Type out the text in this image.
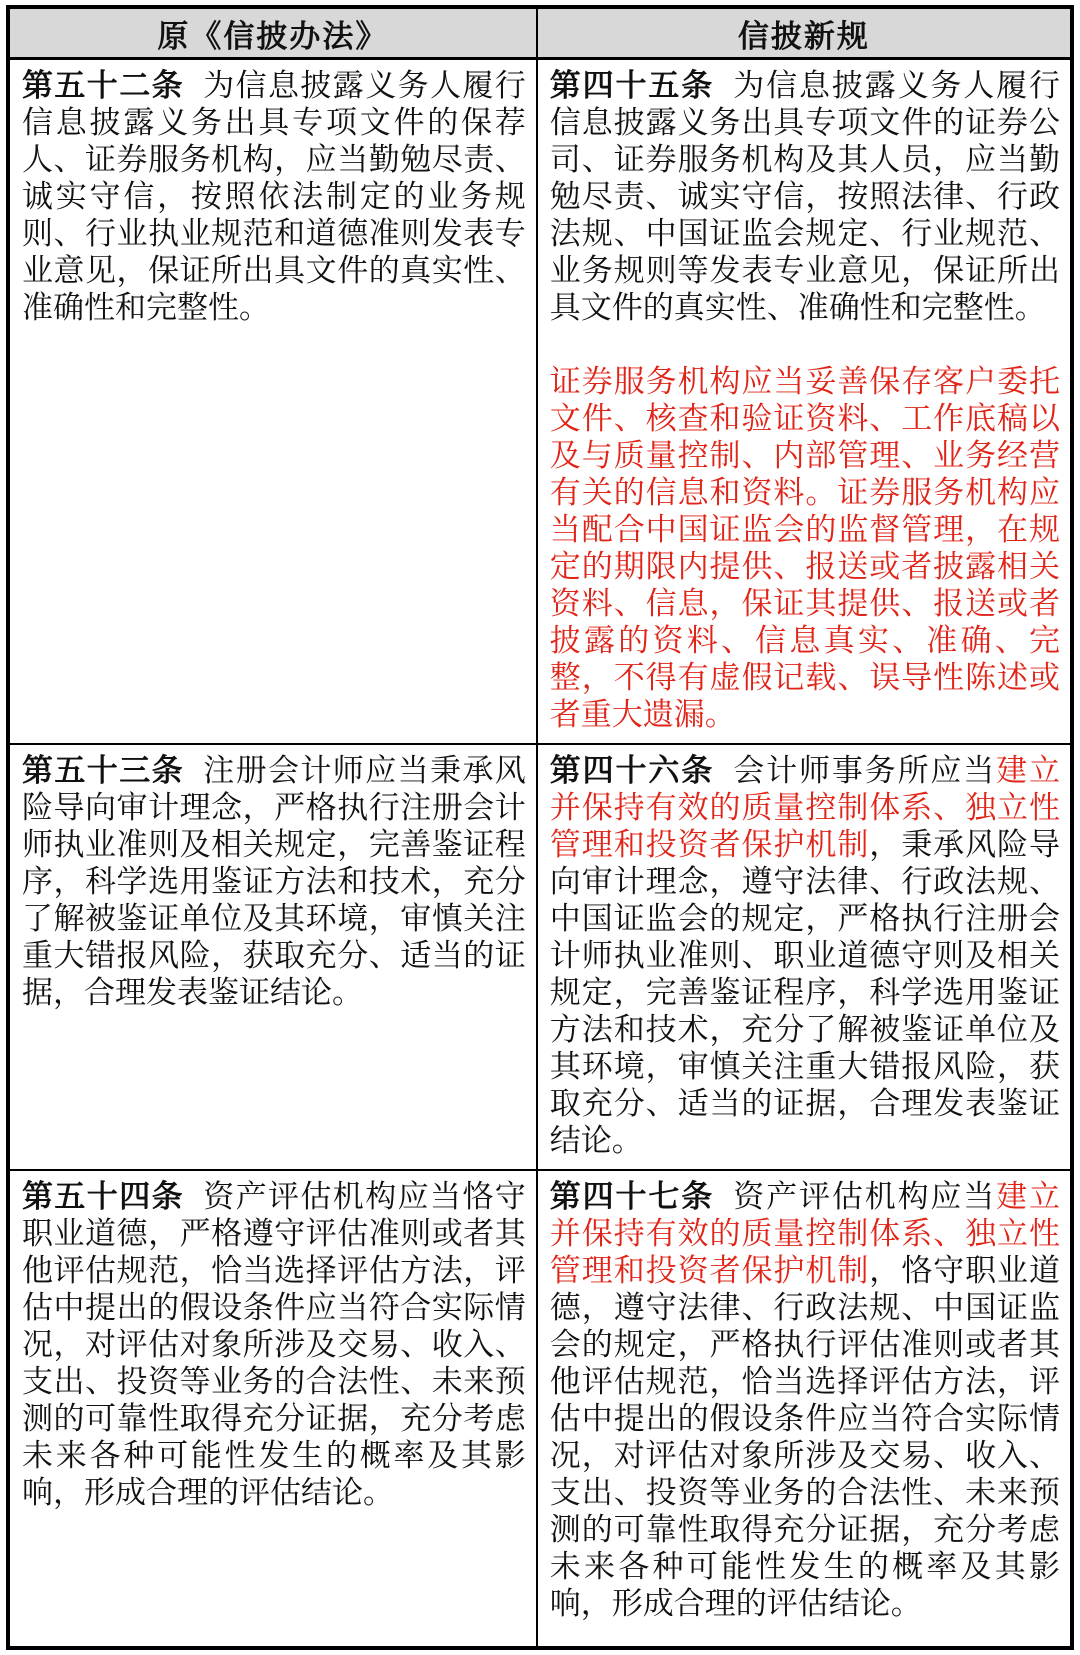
原《信披办法》	信披新规

第五十二条 为信息披露义务人履行信息披露义务出具专项文件的保荐人、证券服务机构，应当勤勉尽责、诚实守信，按照依法制定的业务规则、行业执业规范和道德准则发表专业意见，保证所出具文件的真实性、准确性和完整性。	第四十五条 为信息披露义务人履行信息披露义务出具专项文件的证券公司、证券服务机构及其人员，应当勤勉尽责、诚实守信，按照法律、行政法规、中国证监会规定、行业规范、业务规则等发表专业意见，保证所出具文件的真实性、准确性和完整性。

证券服务机构应当妥善保存客户委托文件、核查和验证资料、工作底稿以及与质量控制、内部管理、业务经营有关的信息和资料。证券服务机构应当配合中国证监会的监督管理，在规定的期限内提供、报送或者披露相关资料、信息，保证其提供、报送或者披露的资料、信息真实、准确、完整，不得有虚假记载、误导性陈述或者重大遗漏。

第五十三条 注册会计师应当秉承风险导向审计理念，严格执行注册会计师执业准则及相关规定，完善鉴证程序，科学选用鉴证方法和技术，充分了解被鉴证单位及其环境，审慎关注重大错报风险，获取充分、适当的证据，合理发表鉴证结论。	第四十六条 会计师事务所应当建立并保持有效的质量控制体系、独立性管理和投资者保护机制，秉承风险导向审计理念，遵守法律、行政法规、中国证监会的规定，严格执行注册会计师执业准则、职业道德守则及相关规定，完善鉴证程序，科学选用鉴证方法和技术，充分了解被鉴证单位及其环境，审慎关注重大错报风险，获取充分、适当的证据，合理发表鉴证结论。

第五十四条 资产评估机构应当恪守职业道德，严格遵守评估准则或者其他评估规范，恰当选择评估方法，评估中提出的假设条件应当符合实际情况，对评估对象所涉及交易、收入、支出、投资等业务的合法性、未来预测的可靠性取得充分证据，充分考虑未来各种可能性发生的概率及其影响，形成合理的评估结论。	第四十七条 资产评估机构应当建立并保持有效的质量控制体系、独立性管理和投资者保护机制，恪守职业道德，遵守法律、行政法规、中国证监会的规定，严格执行评估准则或者其他评估规范，恰当选择评估方法，评估中提出的假设条件应当符合实际情况，对评估对象所涉及交易、收入、支出、投资等业务的合法性、未来预测的可靠性取得充分证据，充分考虑未来各种可能性发生的概率及其影响，形成合理的评估结论。
